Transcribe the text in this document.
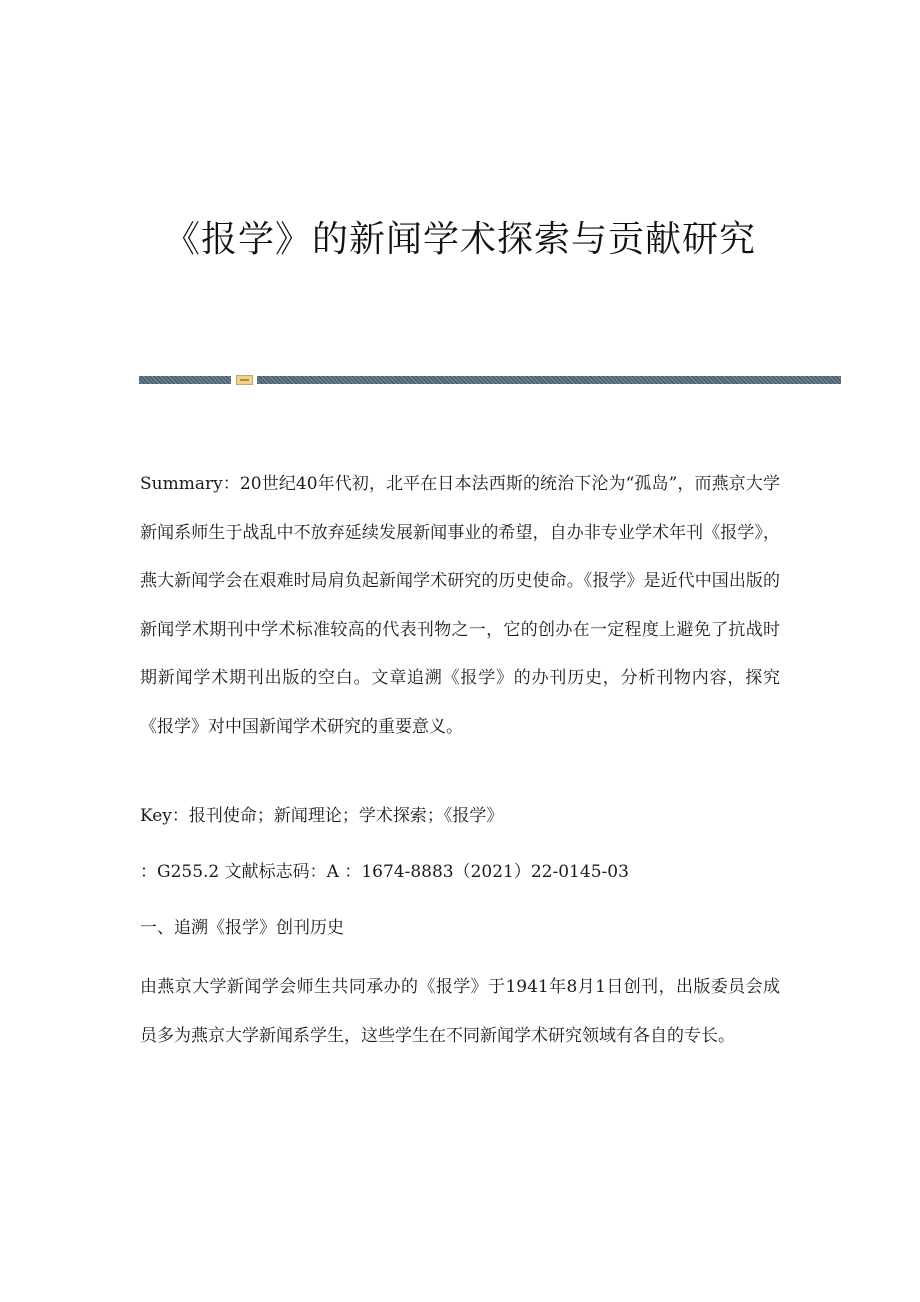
《报学》的新闻学术探索与贡献研究
Summary：20世纪40年代初，北平在日本法西斯的统治下沦为“孤岛”，而燕京大学新闻系师生于战乱中不放弃延续发展新闻事业的希望，自办非专业学术年刊《报学》，燕大新闻学会在艰难时局肩负起新闻学术研究的历史使命。《报学》是近代中国出版的新闻学术期刊中学术标准较高的代表刊物之一，它的创办在一定程度上避免了抗战时期新闻学术期刊出版的空白。文章追溯《报学》的办刊历史，分析刊物内容，探究《报学》对中国新闻学术研究的重要意义。
Key：报刊使命；新闻理论；学术探索；《报学》
：G255.2 文献标志码：A ：1674-8883（2021）22-0145-03
一、追溯《报学》创刊历史
由燕京大学新闻学会师生共同承办的《报学》于1941年8月1日创刊，出版委员会成员多为燕京大学新闻系学生，这些学生在不同新闻学术研究领域有各自的专长。
